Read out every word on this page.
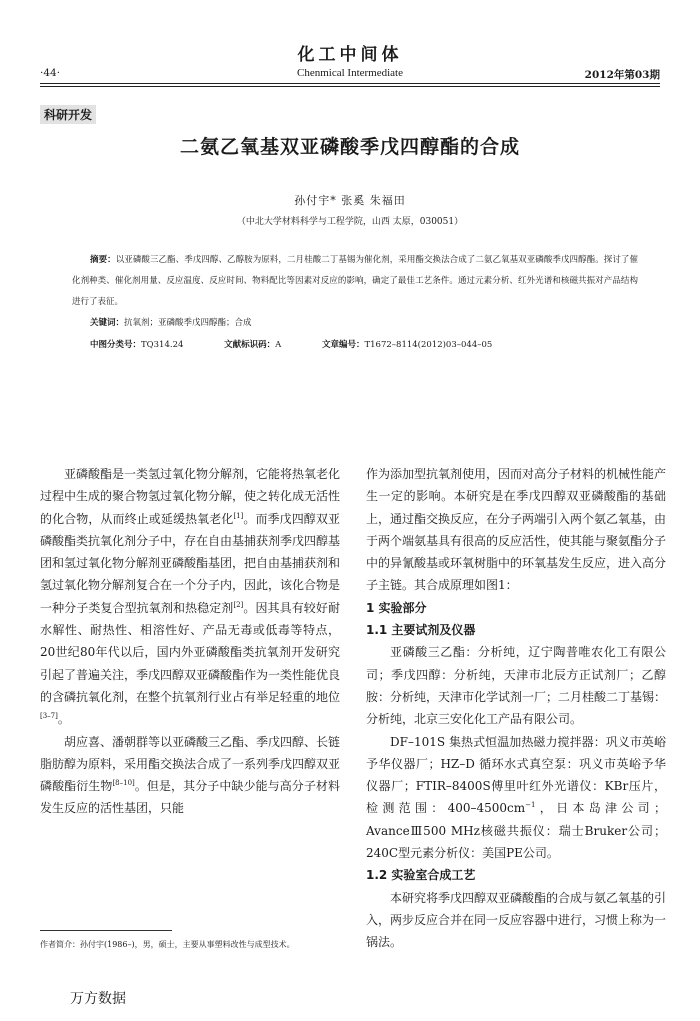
化工中间体
·44·	Chenmical Intermediate	2012年第03期
科研开发
二氨乙氧基双亚磷酸季戊四醇酯的合成
孙付宇* 张奚 朱福田
（中北大学材料科学与工程学院，山西 太原，030051）
摘要：以亚磷酸三乙酯、季戊四醇、乙醇胺为原料，二月桂酸二丁基锡为催化剂，采用酯交换法合成了二氨乙氧基双亚磷酸季戊四醇酯。探讨了催化剂种类、催化剂用量、反应温度、反应时间、物料配比等因素对反应的影响，确定了最佳工艺条件。通过元素分析、红外光谱和核磁共振对产品结构进行了表征。
关键词：抗氧剂；亚磷酸季戊四醇酯；合成
中图分类号：TQ314.24	文献标识码：A	文章编号：T1672–8114(2012)03–044–05

亚磷酸酯是一类氢过氧化物分解剂，它能将热氧老化过程中生成的聚合物氢过氧化物分解，使之转化成无活性的化合物，从而终止或延缓热氧老化[1]。而季戊四醇双亚磷酸酯类抗氧化剂分子中，存在自由基捕获剂季戊四醇基团和氢过氧化物分解剂亚磷酸酯基团，把自由基捕获剂和氢过氧化物分解剂复合在一个分子内，因此，该化合物是一种分子类复合型抗氧剂和热稳定剂[2]。因其具有较好耐水解性、耐热性、相溶性好、产品无毒或低毒等特点，20世纪80年代以后，国内外亚磷酸酯类抗氧剂开发研究引起了普遍关注，季戊四醇双亚磷酸酯作为一类性能优良的含磷抗氧化剂，在整个抗氧剂行业占有举足轻重的地位[3–7]。

胡应喜、潘朝群等以亚磷酸三乙酯、季戊四醇、长链脂肪醇为原料，采用酯交换法合成了一系列季戊四醇双亚磷酸酯衍生物[8–10]。但是，其分子中缺少能与高分子材料发生反应的活性基团，只能

作为添加型抗氧剂使用，因而对高分子材料的机械性能产生一定的影响。本研究是在季戊四醇双亚磷酸酯的基础上，通过酯交换反应，在分子两端引入两个氨乙氧基，由于两个端氨基具有很高的反应活性，使其能与聚氨酯分子中的异氰酸基或环氧树脂中的环氧基发生反应，进入高分子主链。其合成原理如图1：

1 实验部分

1.1 主要试剂及仪器

亚磷酸三乙酯：分析纯，辽宁陶普唯农化工有限公司；季戊四醇：分析纯，天津市北辰方正试剂厂；乙醇胺：分析纯，天津市化学试剂一厂；二月桂酸二丁基锡：分析纯，北京三安化化工产品有限公司。

DF–101S 集热式恒温加热磁力搅拌器：巩义市英峪予华仪器厂；HZ–D 循环水式真空泵：巩义市英峪予华仪器厂；FTIR–8400S傅里叶红外光谱仪：KBr压片，检测范围：$400-4500cm^{-1}$，日本岛津公司；AvanceⅢ500 MHz核磁共振仪：瑞士Bruker公司；240C型元素分析仪：美国PE公司。

1.2 实验室合成工艺

本研究将季戊四醇双亚磷酸酯的合成与氨乙氧基的引入，两步反应合并在同一反应容器中进行，习惯上称为一锅法。

作者简介：孙付宇(1986–)，男，硕士，主要从事塑料改性与成型技术。
万方数据
